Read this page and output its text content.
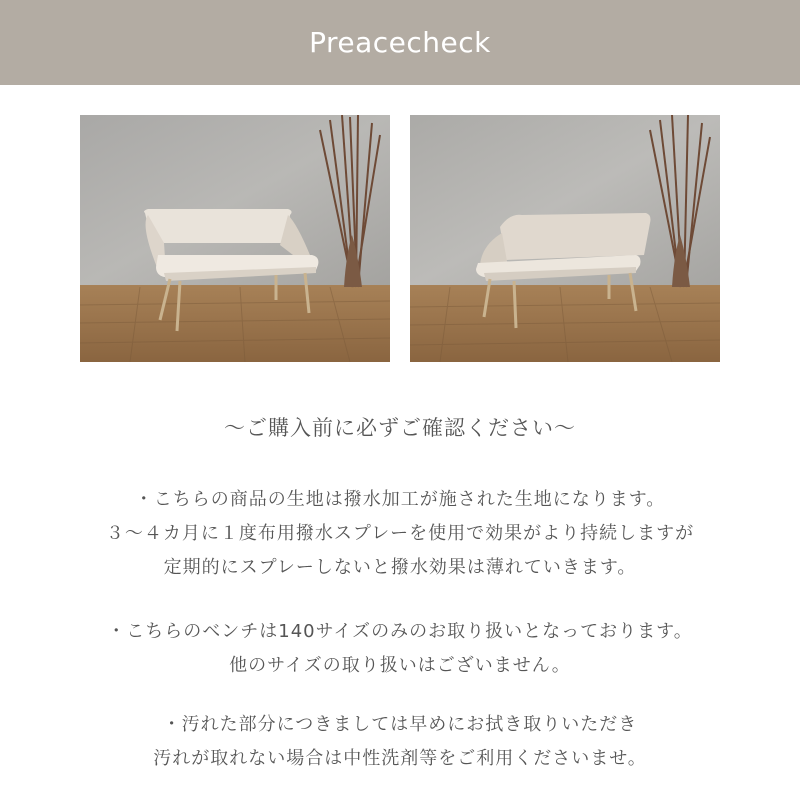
Preacecheck
〜ご購入前に必ずご確認ください〜
・こちらの商品の生地は撥水加工が施された生地になります。
３〜４カ月に１度布用撥水スプレーを使用で効果がより持続しますが
定期的にスプレーしないと撥水効果は薄れていきます。
・こちらのベンチは140サイズのみのお取り扱いとなっております。
他のサイズの取り扱いはございません。
・汚れた部分につきましては早めにお拭き取りいただき
汚れが取れない場合は中性洗剤等をご利用くださいませ。
